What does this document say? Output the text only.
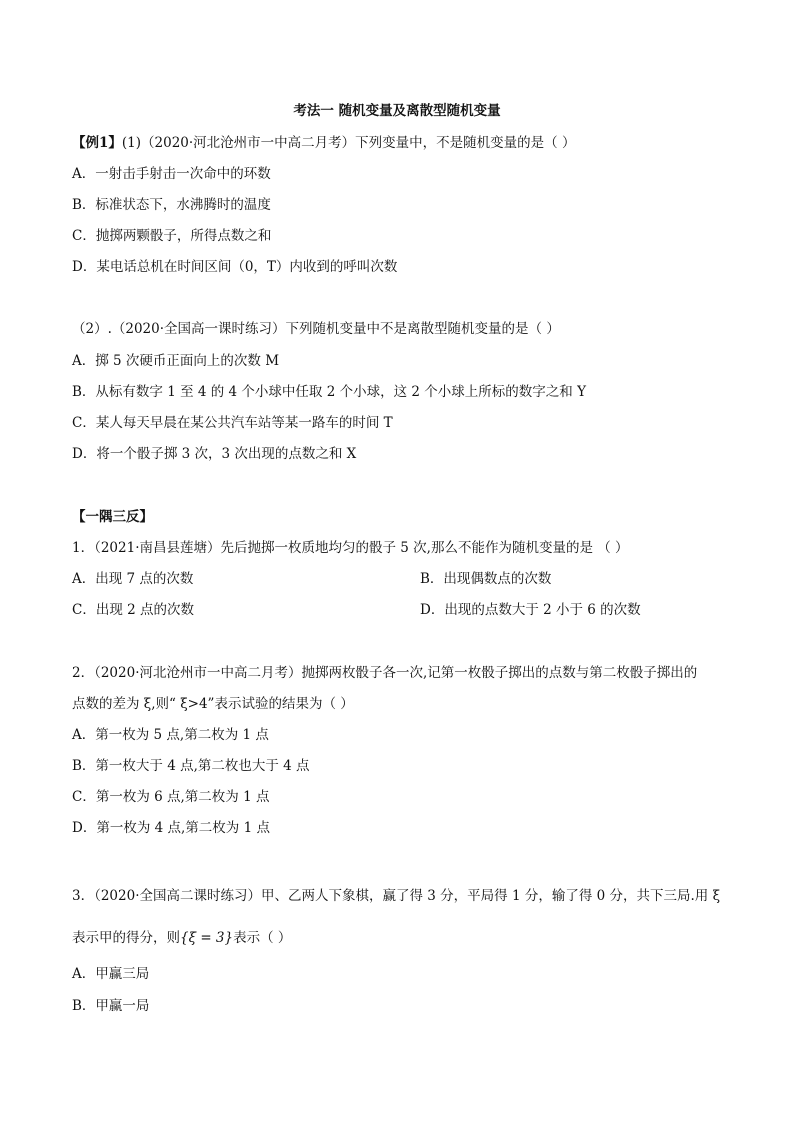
考法一 随机变量及离散型随机变量
【例1】(1)（2020·河北沧州市一中高二月考）下列变量中，不是随机变量的是（ ）
A．一射击手射击一次命中的环数
B．标准状态下，水沸腾时的温度
C．抛掷两颗骰子，所得点数之和
D．某电话总机在时间区间（0，T）内收到的呼叫次数
（2）.（2020·全国高一课时练习）下列随机变量中不是离散型随机变量的是（ ）
A．掷 5 次硬币正面向上的次数 M
B．从标有数字 1 至 4 的 4 个小球中任取 2 个小球，这 2 个小球上所标的数字之和 Y
C．某人每天早晨在某公共汽车站等某一路车的时间 T
D．将一个骰子掷 3 次，3 次出现的点数之和 X
【一隅三反】
1．（2021·南昌县莲塘）先后抛掷一枚质地均匀的骰子 5 次,那么不能作为随机变量的是 （ ）
A．出现 7 点的次数	B．出现偶数点的次数
C．出现 2 点的次数	D．出现的点数大于 2 小于 6 的次数
2．（2020·河北沧州市一中高二月考）抛掷两枚骰子各一次,记第一枚骰子掷出的点数与第二枚骰子掷出的
点数的差为 ξ,则“ ξ>4”表示试验的结果为（ ）
A．第一枚为 5 点,第二枚为 1 点
B．第一枚大于 4 点,第二枚也大于 4 点
C．第一枚为 6 点,第二枚为 1 点
D．第一枚为 4 点,第二枚为 1 点
3．（2020·全国高二课时练习）甲、乙两人下象棋，赢了得 3 分，平局得 1 分，输了得 0 分，共下三局.用 ξ
表示甲的得分，则{ξ = 3}表示（ ）
A．甲赢三局
B．甲赢一局
